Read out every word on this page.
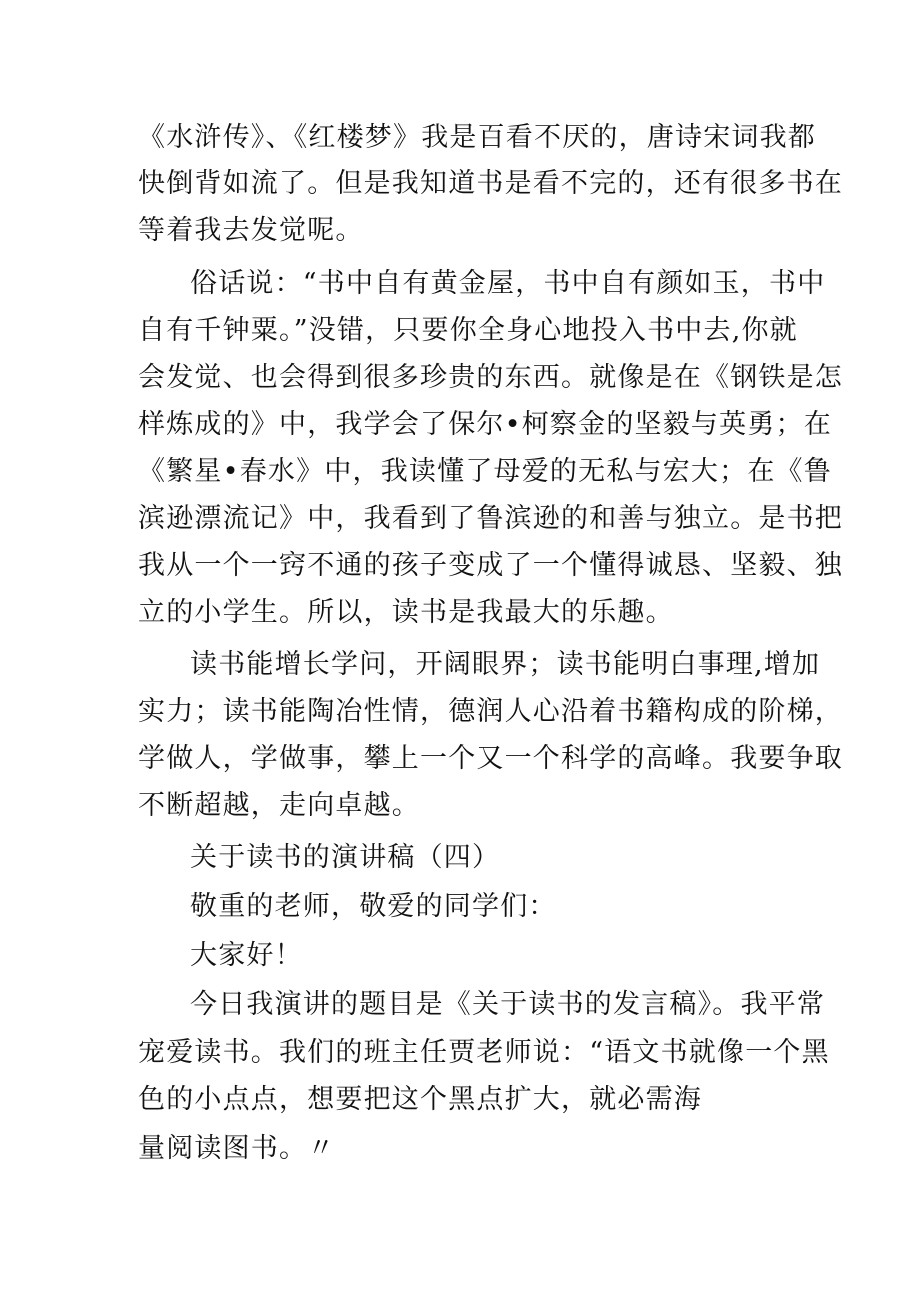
《水浒传》、《红楼梦》我是百看不厌的，唐诗宋词我都
快倒背如流了。但是我知道书是看不完的，还有很多书在
等着我去发觉呢。
俗话说：“书中自有黄金屋，书中自有颜如玉，书中
自有千钟粟。”没错，只要你全身心地投入书中去,你就
会发觉、也会得到很多珍贵的东西。就像是在《钢铁是怎
样炼成的》中，我学会了保尔•柯察金的坚毅与英勇；在
《繁星•春水》中，我读懂了母爱的无私与宏大；在《鲁
滨逊漂流记》中，我看到了鲁滨逊的和善与独立。是书把
我从一个一窍不通的孩子变成了一个懂得诚恳、坚毅、独
立的小学生。所以，读书是我最大的乐趣。
读书能增长学问，开阔眼界；读书能明白事理,增加
实力；读书能陶冶性情，德润人心沿着书籍构成的阶梯，
学做人，学做事，攀上一个又一个科学的高峰。我要争取
不断超越，走向卓越。
关于读书的演讲稿（四）
敬重的老师，敬爱的同学们：
大家好！
今日我演讲的题目是《关于读书的发言稿》。我平常
宠爱读书。我们的班主任贾老师说：“语文书就像一个黑
色的小点点，想要把这个黑点扩大，就必需海
量阅读图书。〃
